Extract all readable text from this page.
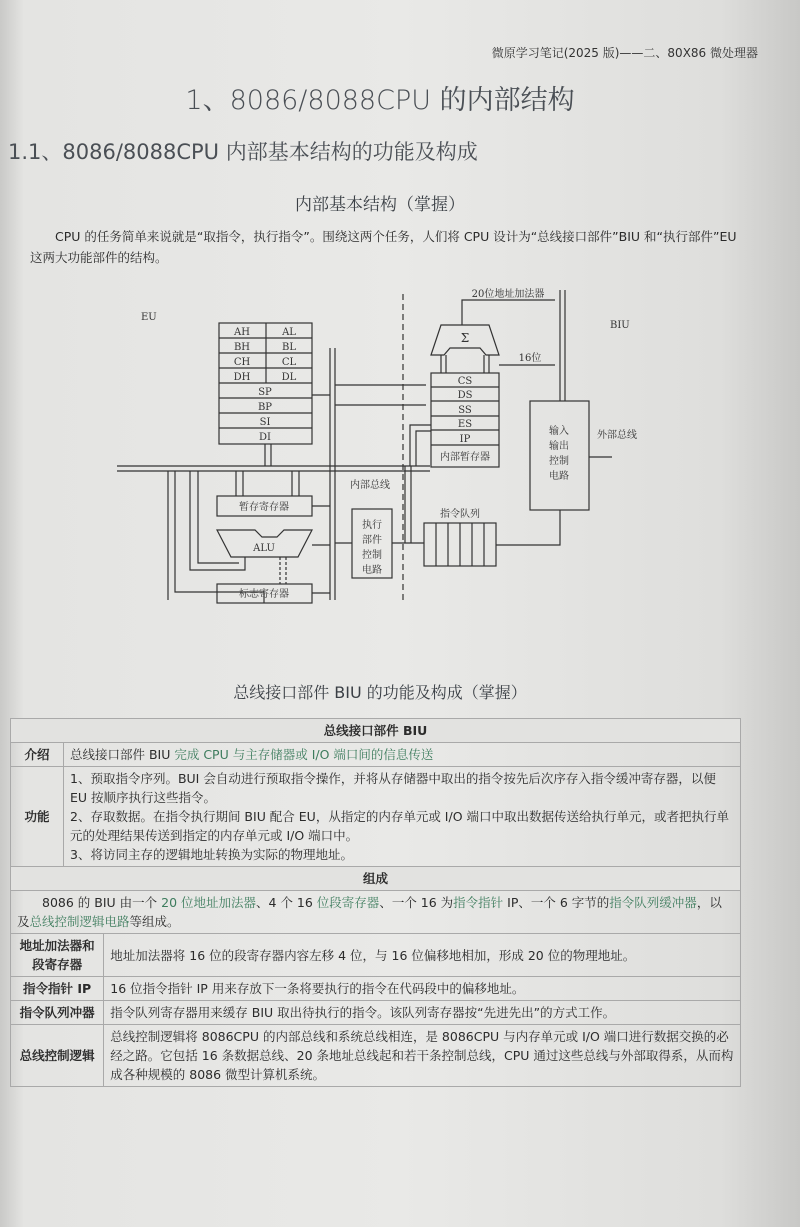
微原学习笔记(2025 版)——二、80X86 微处理器
1、8086/8088CPU 的内部结构
1.1、8086/8088CPU 内部基本结构的功能及构成
内部基本结构（掌握）
CPU 的任务简单来说就是“取指令，执行指令”。围绕这两个任务，人们将 CPU 设计为“总线接口部件”BIU 和“执行部件”EU 这两大功能部件的结构。
EU
BIU
AH	AL
BH	BL
CH	CL
DH	DL
SP
BP
SI
DI
CS
DS
SS
ES
IP
内部暂存器
Σ
20位地址加法器
16位
输入
输出
控制
电路
外部总线
内部总线
暂存寄存器
ALU
标志寄存器
执行
部件
控制
电路
指令队列
总线接口部件 BIU 的功能及构成（掌握）
总线接口部件 BIU		
介绍	总线接口部件 BIU 完成 CPU 与主存储器或 I/O 端口间的信息传送	
功能	1、预取指令序列。BUI 会自动进行预取指令操作，并将从存储器中取出的指令按先后次序存入指令缓冲寄存器，以便 EU 按顺序执行这些指令。
2、存取数据。在指令执行期间 BIU 配合 EU，从指定的内存单元或 I/O 端口中取出数据传送给执行单元，或者把执行单元的处理结果传送到指定的内存单元或 I/O 端口中。
3、将访同主存的逻辑地址转换为实际的物理地址。	

组成		
8086 的 BIU 由一个 20 位地址加法器、4 个 16 位段寄存器、一个 16 为指令指针 IP、一个 6 字节的指令队列缓冲器，以及总线控制逻辑电路等组成。		
地址加法器和段寄存器		地址加法器将 16 位的段寄存器内容左移 4 位，与 16 位偏移地相加，形成 20 位的物理地址。
指令指针 IP		16 位指令指针 IP 用来存放下一条将要执行的指令在代码段中的偏移地址。
指令队列冲器		指令队列寄存器用来缓存 BIU 取出待执行的指令。该队列寄存器按“先进先出”的方式工作。
总线控制逻辑		总线控制逻辑将 8086CPU 的内部总线和系统总线相连，是 8086CPU 与内存单元或 I/O 端口进行数据交换的必经之路。它包括 16 条数据总线、20 条地址总线起和若干条控制总线，CPU 通过这些总线与外部取得系，从而构成各种规模的 8086 微型计算机系统。
